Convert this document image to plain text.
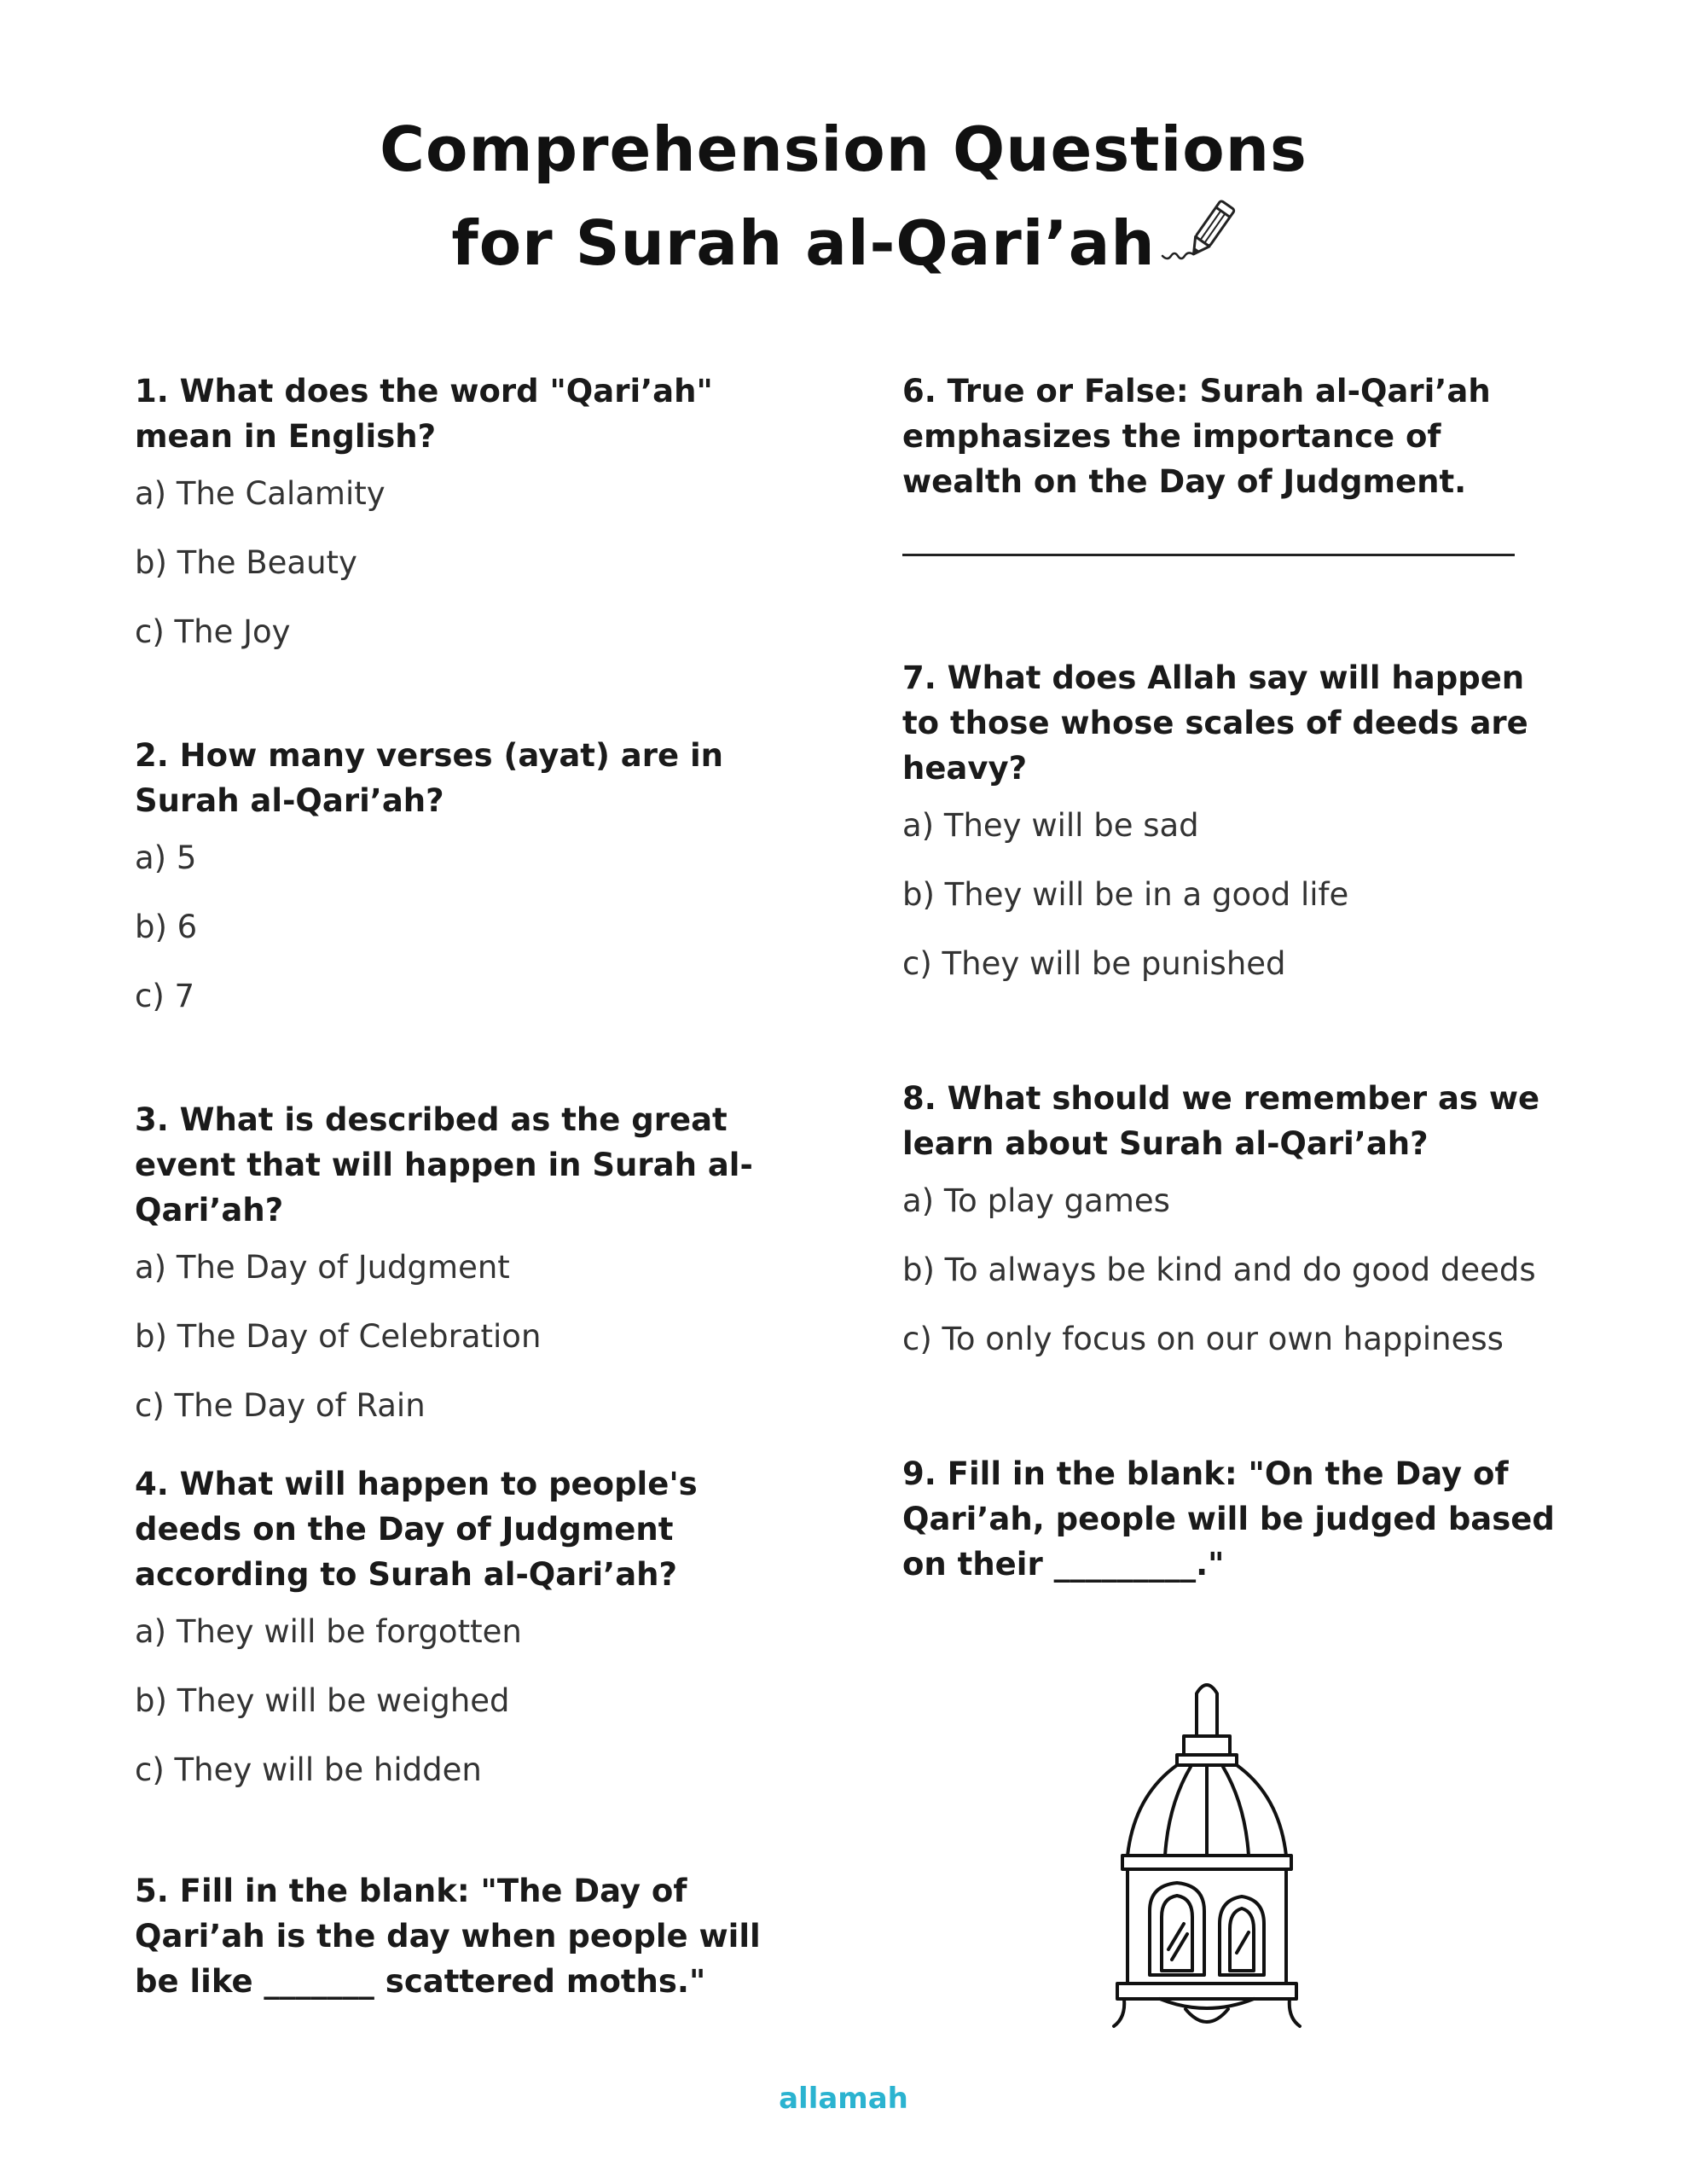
Comprehension Questions
for Surah al-Qari’ah

1. What does the word "Qari’ah" mean in English?

a) The Calamity
b) The Beauty
c) The Joy

2. How many verses (ayat) are in Surah al-Qari’ah?

a) 5
b) 6
c) 7

3. What is described as the great event that will happen in Surah al-Qari’ah?

a) The Day of Judgment
b) The Day of Celebration
c) The Day of Rain

4. What will happen to people's deeds on the Day of Judgment according to Surah al-Qari’ah?

a) They will be forgotten
b) They will be weighed
c) They will be hidden

5. Fill in the blank: "The Day of Qari’ah is the day when people will be like _______ scattered moths."

6. True or False: Surah al-Qari’ah emphasizes the importance of wealth on the Day of Judgment.

7. What does Allah say will happen to those whose scales of deeds are heavy?

a) They will be sad
b) They will be in a good life
c) They will be punished

8. What should we remember as we learn about Surah al-Qari’ah?

a) To play games
b) To always be kind and do good deeds
c) To only focus on our own happiness

9. Fill in the blank: "On the Day of Qari’ah, people will be judged based on their _________."

allamah
